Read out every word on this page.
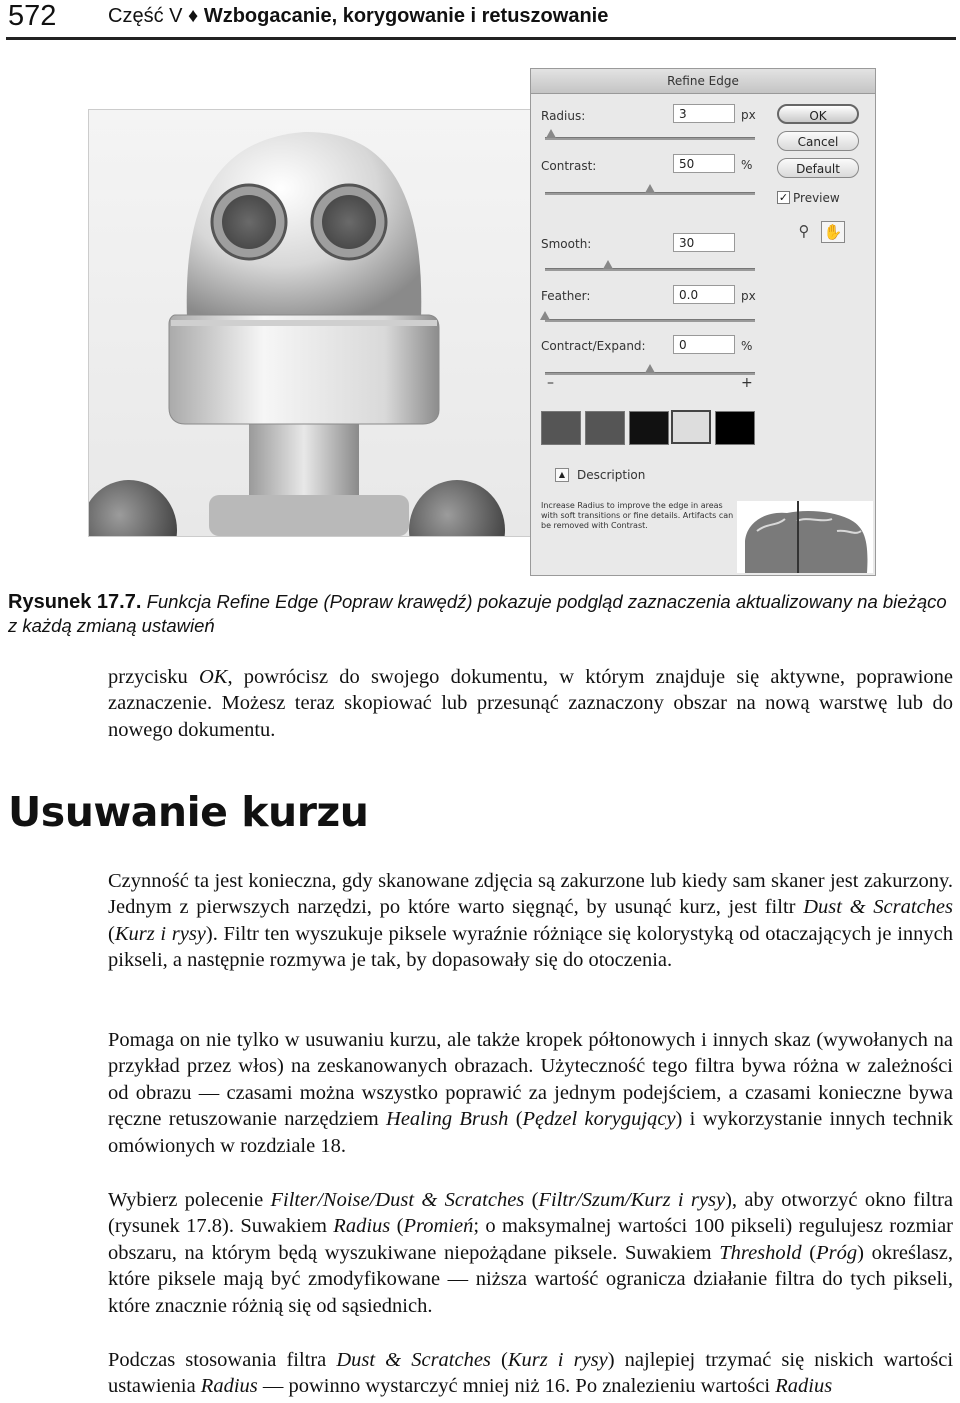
572	Część V ♦ Wzbogacanie, korygowanie i retuszowanie
Refine Edge
Radius:	3	px
Contrast:	50	%
Smooth:	30
Feather:	0.0	px
Contract/Expand:	0	%
–	+
OK
Cancel
Default
✓ Preview
⚲ ✋
▲ Description
Increase Radius to improve the edge in areas with soft transitions or fine details. Artifacts can be removed with Contrast.
Rysunek 17.7. Funkcja Refine Edge (Popraw krawędź) pokazuje podgląd zaznaczenia aktualizowany na bieżąco z każdą zmianą ustawień

przycisku OK, powrócisz do swojego dokumentu, w którym znajduje się aktywne, poprawione zaznaczenie. Możesz teraz skopiować lub przesunąć zaznaczony obszar na nową warstwę lub do nowego dokumentu.

Usuwanie kurzu

Czynność ta jest konieczna, gdy skanowane zdjęcia są zakurzone lub kiedy sam skaner jest zakurzony. Jednym z pierwszych narzędzi, po które warto sięgnąć, by usunąć kurz, jest filtr Dust & Scratches (Kurz i rysy). Filtr ten wyszukuje piksele wyraźnie różniące się kolorystyką od otaczających je innych pikseli, a następnie rozmywa je tak, by dopasowały się do otoczenia.

Pomaga on nie tylko w usuwaniu kurzu, ale także kropek półtonowych i innych skaz (wywołanych na przykład przez włos) na zeskanowanych obrazach. Użyteczność tego filtra bywa różna w zależności od obrazu — czasami można wszystko poprawić za jednym podejściem, a czasami konieczne bywa ręczne retuszowanie narzędziem Healing Brush (Pędzel korygujący) i wykorzystanie innych technik omówionych w rozdziale 18.

Wybierz polecenie Filter/Noise/Dust & Scratches (Filtr/Szum/Kurz i rysy), aby otworzyć okno filtra (rysunek 17.8). Suwakiem Radius (Promień; o maksymalnej wartości 100 pikseli) regulujesz rozmiar obszaru, na którym będą wyszukiwane niepożądane piksele. Suwakiem Threshold (Próg) określasz, które piksele mają być zmodyfikowane — niższa wartość ogranicza działanie filtra do tych pikseli, które znacznie różnią się od sąsiednich.

Podczas stosowania filtra Dust & Scratches (Kurz i rysy) najlepiej trzymać się niskich wartości ustawienia Radius — powinno wystarczyć mniej niż 16. Po znalezieniu wartości Radius
